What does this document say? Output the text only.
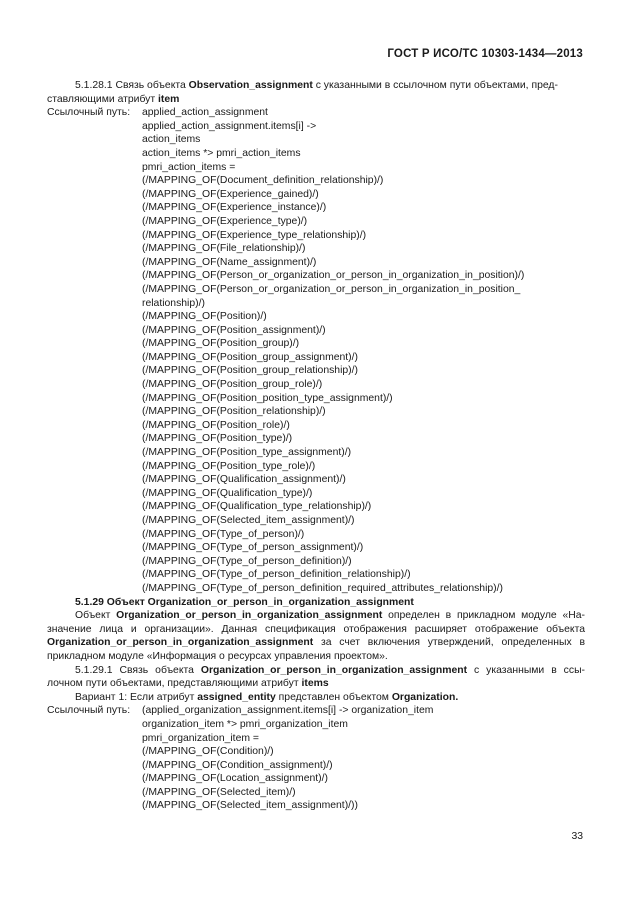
ГОСТ Р ИСО/ТС 10303-1434—2013
5.1.28.1 Связь объекта Observation_assignment с указанными в ссылочном пути объектами, пред-
ставляющими атрибут item
Ссылочный путь: applied_action_assignment
applied_action_assignment.items[i] ->
action_items
action_items *> pmri_action_items
pmri_action_items =
(/MAPPING_OF(Document_definition_relationship)/)
(/MAPPING_OF(Experience_gained)/)
(/MAPPING_OF(Experience_instance)/)
(/MAPPING_OF(Experience_type)/)
(/MAPPING_OF(Experience_type_relationship)/)
(/MAPPING_OF(File_relationship)/)
(/MAPPING_OF(Name_assignment)/)
(/MAPPING_OF(Person_or_organization_or_person_in_organization_in_position)/)
(/MAPPING_OF(Person_or_organization_or_person_in_organization_in_position_
relationship)/)
(/MAPPING_OF(Position)/)
(/MAPPING_OF(Position_assignment)/)
(/MAPPING_OF(Position_group)/)
(/MAPPING_OF(Position_group_assignment)/)
(/MAPPING_OF(Position_group_relationship)/)
(/MAPPING_OF(Position_group_role)/)
(/MAPPING_OF(Position_position_type_assignment)/)
(/MAPPING_OF(Position_relationship)/)
(/MAPPING_OF(Position_role)/)
(/MAPPING_OF(Position_type)/)
(/MAPPING_OF(Position_type_assignment)/)
(/MAPPING_OF(Position_type_role)/)
(/MAPPING_OF(Qualification_assignment)/)
(/MAPPING_OF(Qualification_type)/)
(/MAPPING_OF(Qualification_type_relationship)/)
(/MAPPING_OF(Selected_item_assignment)/)
(/MAPPING_OF(Type_of_person)/)
(/MAPPING_OF(Type_of_person_assignment)/)
(/MAPPING_OF(Type_of_person_definition)/)
(/MAPPING_OF(Type_of_person_definition_relationship)/)
(/MAPPING_OF(Type_of_person_definition_required_attributes_relationship)/)
5.1.29 Объект Organization_or_person_in_organization_assignment
Объект Organization_or_person_in_organization_assignment определен в прикладном модуле «На-значение лица и организации». Данная спецификация отображения расширяет отображение объекта Organization_or_person_in_organization_assignment за счет включения утверждений, определенных в прикладном модуле «Информация о ресурсах управления проектом».
5.1.29.1 Связь объекта Organization_or_person_in_organization_assignment с указанными в ссы-лочном пути объектами, представляющими атрибут items
Вариант 1: Если атрибут assigned_entity представлен объектом Organization.
Ссылочный путь: (applied_organization_assignment.items[i] -> organization_item
organization_item *> pmri_organization_item
pmri_organization_item =
(/MAPPING_OF(Condition)/)
(/MAPPING_OF(Condition_assignment)/)
(/MAPPING_OF(Location_assignment)/)
(/MAPPING_OF(Selected_item)/)
(/MAPPING_OF(Selected_item_assignment)/))
33
